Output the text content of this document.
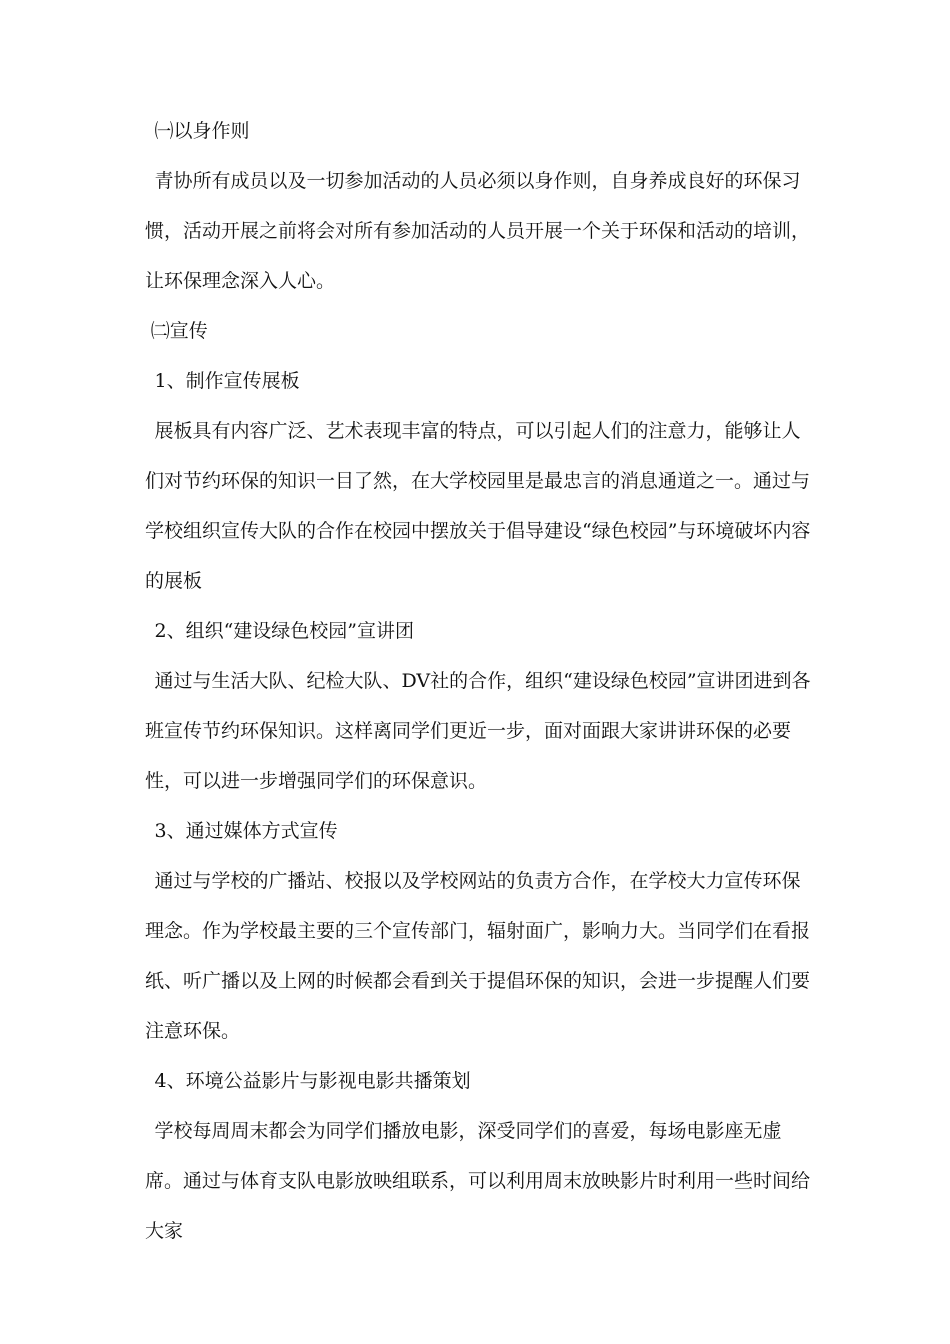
㈠以身作则

青协所有成员以及一切参加活动的人员必须以身作则，自身养成良好的环保习惯，活动开展之前将会对所有参加活动的人员开展一个关于环保和活动的培训，让环保理念深入人心。

㈡宣传

1、制作宣传展板

展板具有内容广泛、艺术表现丰富的特点，可以引起人们的注意力，能够让人们对节约环保的知识一目了然，在大学校园里是最忠言的消息通道之一。通过与学校组织宣传大队的合作在校园中摆放关于倡导建设“绿色校园”与环境破坏内容的展板

2、组织“建设绿色校园”宣讲团

通过与生活大队、纪检大队、DV社的合作，组织“建设绿色校园”宣讲团进到各班宣传节约环保知识。这样离同学们更近一步，面对面跟大家讲讲环保的必要性，可以进一步增强同学们的环保意识。

3、通过媒体方式宣传

通过与学校的广播站、校报以及学校网站的负责方合作，在学校大力宣传环保理念。作为学校最主要的三个宣传部门，辐射面广，影响力大。当同学们在看报纸、听广播以及上网的时候都会看到关于提倡环保的知识，会进一步提醒人们要注意环保。

4、环境公益影片与影视电影共播策划

学校每周周末都会为同学们播放电影，深受同学们的喜爱，每场电影座无虚席。通过与体育支队电影放映组联系，可以利用周末放映影片时利用一些时间给大家
